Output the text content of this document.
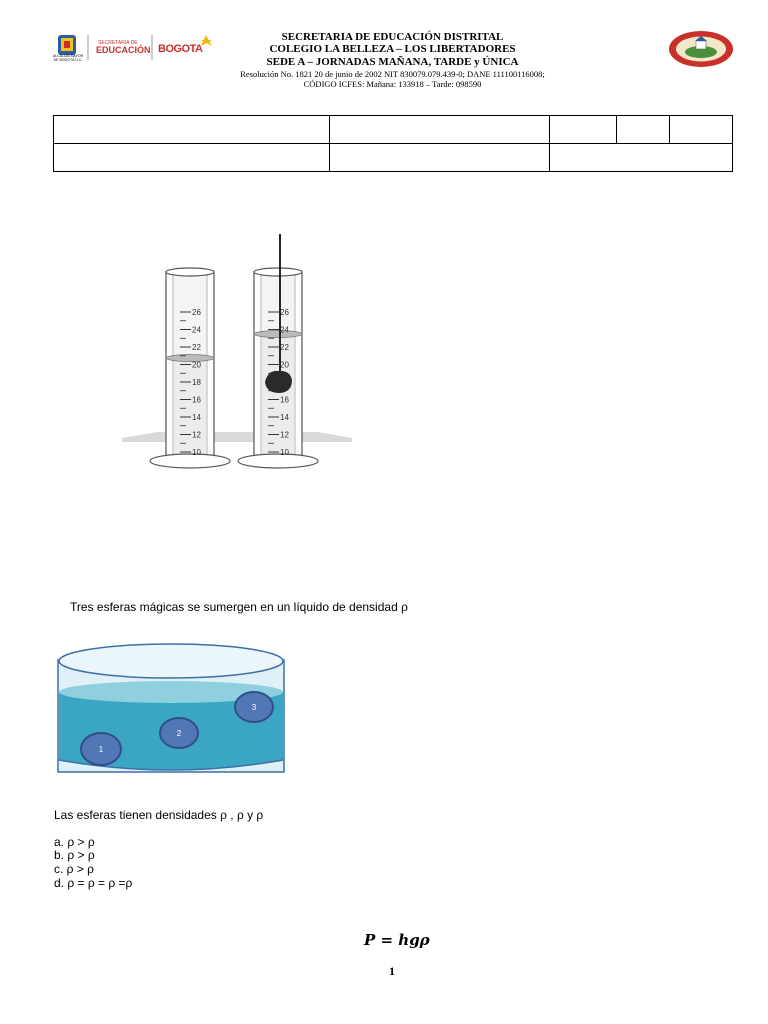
ALCALDÍA MAYOR DE BOGOTÁ D.C.
SECRETARÍA DE
EDUCACIÓN BOGOTA
SECRETARIA DE EDUCACIÓN DISTRITAL
COLEGIO LA BELLEZA – LOS LIBERTADORES
SEDE A – JORNADAS MAÑANA, TARDE y ÚNICA
Resolución No. 1821 20 de junio de 2002 NIT 830079.079.439-0; DANE 111100116008;
CÓDIGO ICFES: Mañana: 133918 – Tarde: 098590

26
24
22
20
18
16
14
12
10
26
24
22
20
16
14
12
10
Tres esferas mágicas se sumergen en un líquido de densidad ρ
1
2
3
Las esferas tienen densidades ρ , ρ y ρ
a. ρ > ρ
b. ρ > ρ
c. ρ > ρ
d. ρ = ρ = ρ =ρ
P = hgρ
1
